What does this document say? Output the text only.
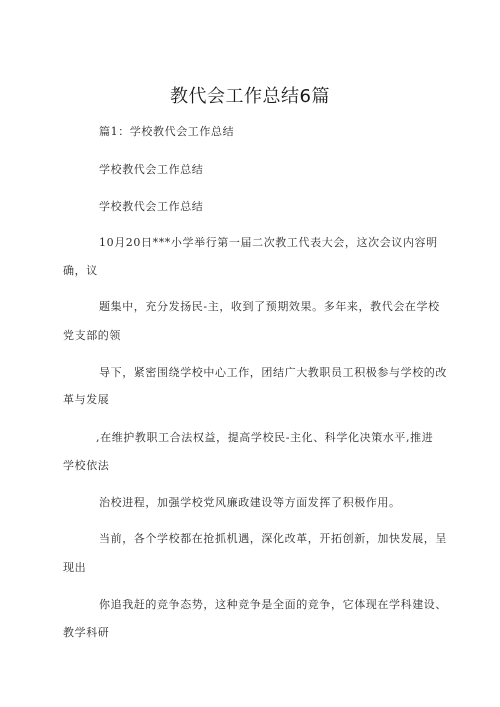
教代会工作总结6篇
篇1：学校教代会工作总结
学校教代会工作总结
学校教代会工作总结
10月20日***小学举行第一届二次教工代表大会，这次会议内容明
确，议
题集中，充分发扬民-主，收到了预期效果。多年来，教代会在学校
党支部的领
导下，紧密围绕学校中心工作，团结广大教职员工积极参与学校的改
革与发展
,在维护教职工合法权益，提高学校民-主化、科学化决策水平,推进
学校依法
治校进程，加强学校党风廉政建设等方面发挥了积极作用。
当前，各个学校都在抢抓机遇，深化改革，开拓创新，加快发展，呈
现出
你追我赶的竞争态势，这种竞争是全面的竞争，它体现在学科建设、
教学科研
